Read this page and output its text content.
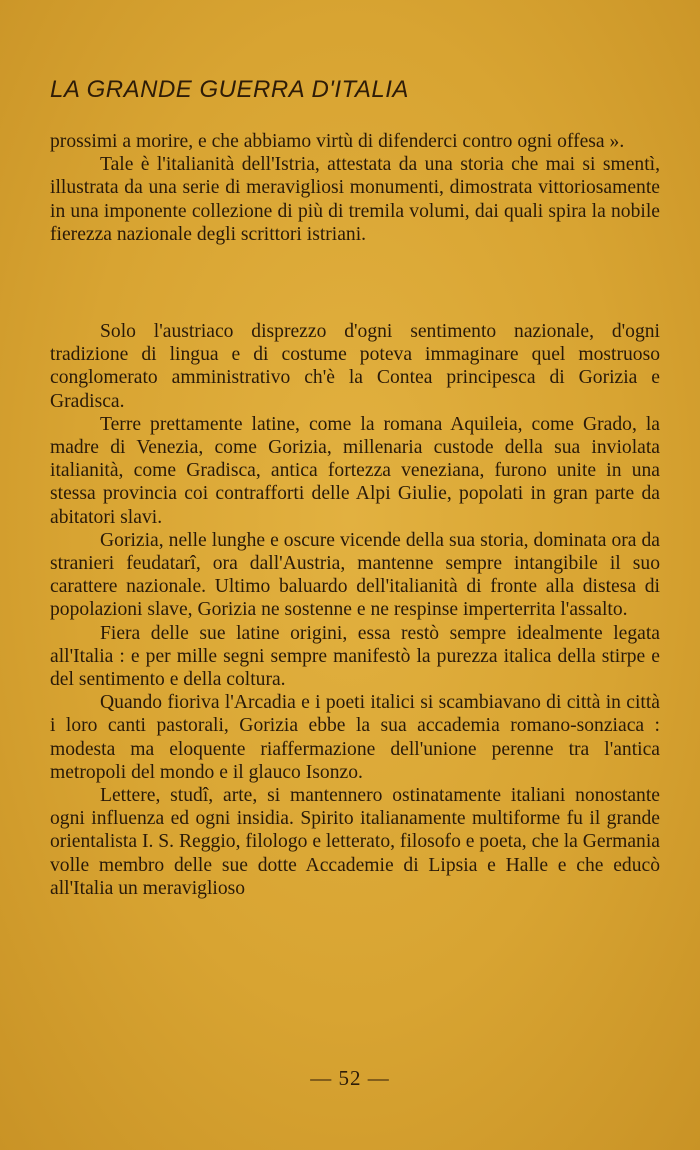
LA GRANDE GUERRA D'ITALIA

prossimi a morire, e che abbiamo virtù di difenderci contro ogni offesa ».

Tale è l'italianità dell'Istria, attestata da una storia che mai si smentì, illustrata da una serie di meravigliosi monumenti, dimostrata vittoriosamente in una imponente collezione di più di tremila volumi, dai quali spira la nobile fierezza nazionale degli scrittori istriani.

Solo l'austriaco disprezzo d'ogni sentimento nazionale, d'ogni tradizione di lingua e di costume poteva immaginare quel mostruoso conglomerato amministrativo ch'è la Contea principesca di Gorizia e Gradisca.

Terre prettamente latine, come la romana Aquileia, come Grado, la madre di Venezia, come Gorizia, millenaria custode della sua inviolata italianità, come Gradisca, antica fortezza veneziana, furono unite in una stessa provincia coi contrafforti delle Alpi Giulie, popolati in gran parte da abitatori slavi.

Gorizia, nelle lunghe e oscure vicende della sua storia, dominata ora da stranieri feudatarî, ora dall'Austria, mantenne sempre intangibile il suo carattere nazionale. Ultimo baluardo dell'italianità di fronte alla distesa di popolazioni slave, Gorizia ne sostenne e ne respinse imperterrita l'assalto.

Fiera delle sue latine origini, essa restò sempre idealmente legata all'Italia : e per mille segni sempre manifestò la purezza italica della stirpe e del sentimento e della coltura.

Quando fioriva l'Arcadia e i poeti italici si scambiavano di città in città i loro canti pastorali, Gorizia ebbe la sua accademia romano-sonziaca : modesta ma eloquente riaffermazione dell'unione perenne tra l'antica metropoli del mondo e il glauco Isonzo.

Lettere, studî, arte, si mantennero ostinatamente italiani nonostante ogni influenza ed ogni insidia. Spirito italianamente multiforme fu il grande orientalista I. S. Reggio, filologo e letterato, filosofo e poeta, che la Germania volle membro delle sue dotte Accademie di Lipsia e Halle e che educò all'Italia un meraviglioso

— 52 —
